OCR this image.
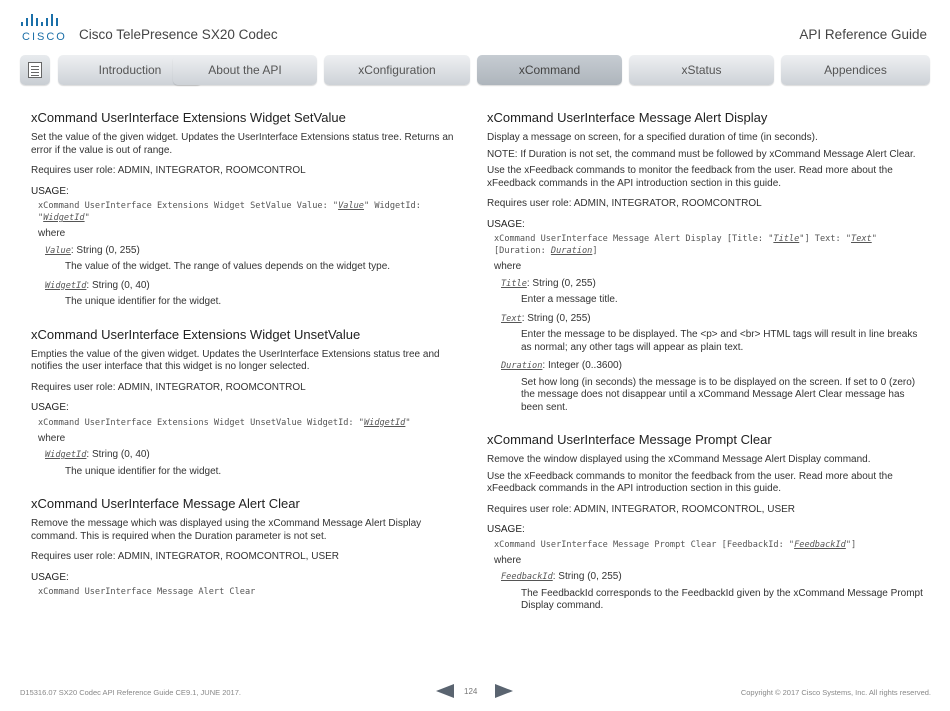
CISCO Cisco TelePresence SX20 Codec	API Reference Guide
Introduction	About the API	xConfiguration	xCommand	xStatus	Appendices
xCommand UserInterface Extensions Widget SetValue

Set the value of the given widget. Updates the UserInterface Extensions status tree. Returns an error if the value is out of range.

Requires user role: ADMIN, INTEGRATOR, ROOMCONTROL

USAGE:
xCommand UserInterface Extensions Widget SetValue Value: "Value" WidgetId:
"WidgetId"
where
Value: String (0, 255)
The value of the widget. The range of values depends on the widget type.
WidgetId: String (0, 40)
The unique identifier for the widget.
xCommand UserInterface Extensions Widget UnsetValue

Empties the value of the given widget. Updates the UserInterface Extensions status tree and notifies the user interface that this widget is no longer selected.

Requires user role: ADMIN, INTEGRATOR, ROOMCONTROL

USAGE:
xCommand UserInterface Extensions Widget UnsetValue WidgetId: "WidgetId"
where
WidgetId: String (0, 40)
The unique identifier for the widget.
xCommand UserInterface Message Alert Clear

Remove the message which was displayed using the xCommand Message Alert Display command. This is required when the Duration parameter is not set.

Requires user role: ADMIN, INTEGRATOR, ROOMCONTROL, USER

USAGE:
xCommand UserInterface Message Alert Clear
xCommand UserInterface Message Alert Display

Display a message on screen, for a specified duration of time (in seconds).

NOTE: If Duration is not set, the command must be followed by xCommand Message Alert Clear.

Use the xFeedback commands to monitor the feedback from the user. Read more about the xFeedback commands in the API introduction section in this guide.

Requires user role: ADMIN, INTEGRATOR, ROOMCONTROL

USAGE:
xCommand UserInterface Message Alert Display [Title: "Title"] Text: "Text"
[Duration: Duration]
where
Title: String (0, 255)
Enter a message title.
Text: String (0, 255)
Enter the message to be displayed. The <p> and <br> HTML tags will result in line breaks as normal; any other tags will appear as plain text.
Duration: Integer (0..3600)
Set how long (in seconds) the message is to be displayed on the screen. If set to 0 (zero) the message does not disappear until a xCommand Message Alert Clear message has been sent.
xCommand UserInterface Message Prompt Clear

Remove the window displayed using the xCommand Message Alert Display command.

Use the xFeedback commands to monitor the feedback from the user. Read more about the xFeedback commands in the API introduction section in this guide.

Requires user role: ADMIN, INTEGRATOR, ROOMCONTROL, USER

USAGE:
xCommand UserInterface Message Prompt Clear [FeedbackId: "FeedbackId"]
where
FeedbackId: String (0, 255)
The FeedbackId corresponds to the FeedbackId given by the xCommand Message Prompt Display command.
D15316.07 SX20 Codec API Reference Guide CE9.1, JUNE 2017.	124	Copyright © 2017 Cisco Systems, Inc. All rights reserved.
